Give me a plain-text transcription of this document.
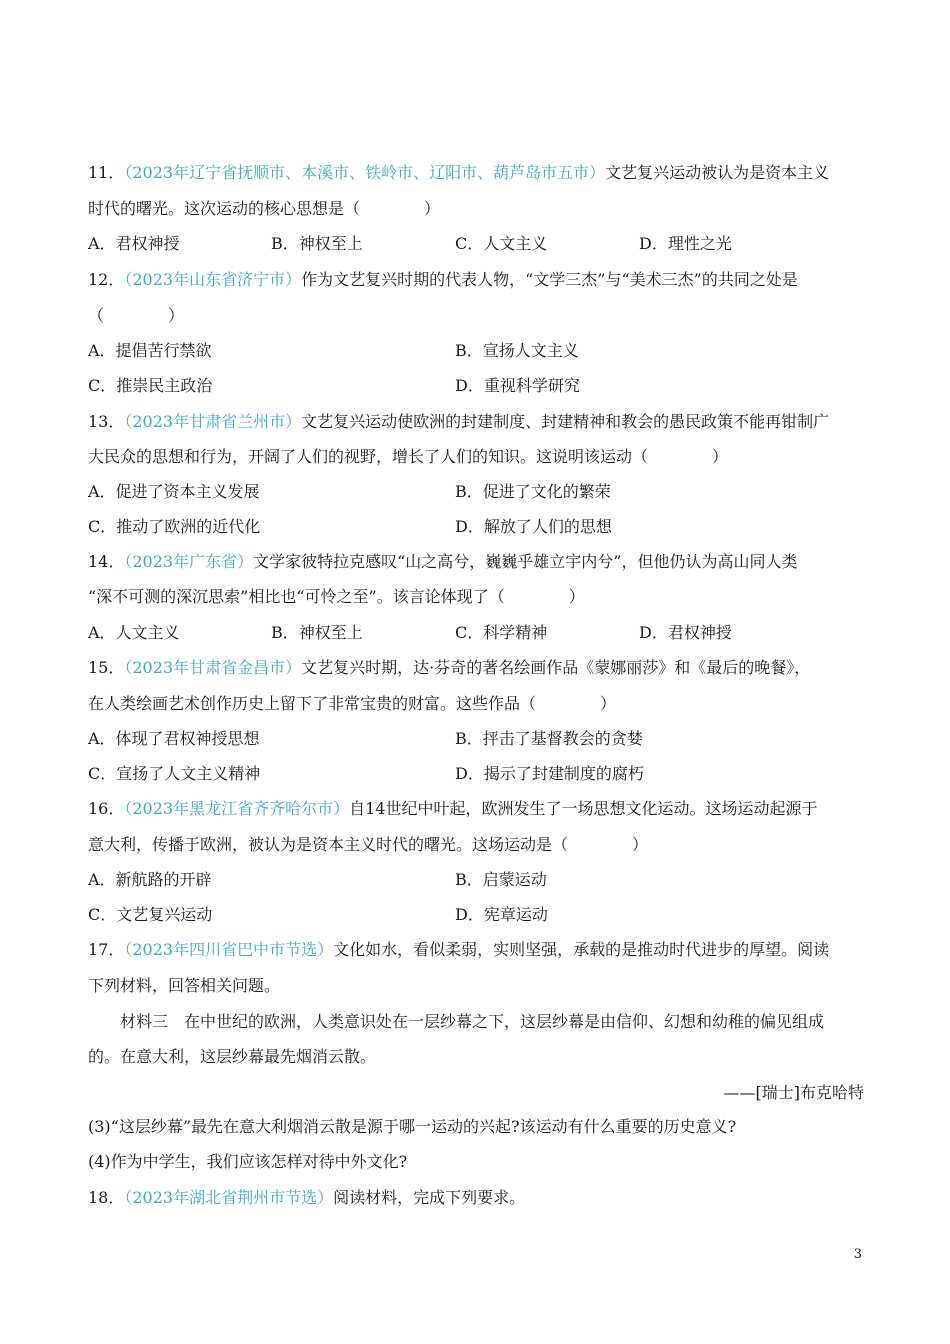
11．（2023年辽宁省抚顺市、本溪市、铁岭市、辽阳市、葫芦岛市五市）文艺复兴运动被认为是资本主义
时代的曙光。这次运动的核心思想是（　　　　）
A．君权神授	B．神权至上	C．人文主义	D．理性之光
12．（2023年山东省济宁市）作为文艺复兴时期的代表人物，“文学三杰”与“美术三杰”的共同之处是
（　　　　）
A．提倡苦行禁欲	B．宣扬人文主义
C．推崇民主政治	D．重视科学研究
13．（2023年甘肃省兰州市）文艺复兴运动使欧洲的封建制度、封建精神和教会的愚民政策不能再钳制广
大民众的思想和行为，开阔了人们的视野，增长了人们的知识。这说明该运动（　　　　）
A．促进了资本主义发展	B．促进了文化的繁荣
C．推动了欧洲的近代化	D．解放了人们的思想
14．（2023年广东省）文学家彼特拉克感叹“山之高兮，巍巍乎雄立宇内兮”，但他仍认为高山同人类
“深不可测的深沉思索”相比也“可怜之至”。该言论体现了（　　　　）
A．人文主义	B．神权至上	C．科学精神	D．君权神授
15．（2023年甘肃省金昌市）文艺复兴时期，达·芬奇的著名绘画作品《蒙娜丽莎》和《最后的晚餐》，
在人类绘画艺术创作历史上留下了非常宝贵的财富。这些作品（　　　　）
A．体现了君权神授思想	B．抨击了基督教会的贪婪
C．宣扬了人文主义精神	D．揭示了封建制度的腐朽
16．（2023年黑龙江省齐齐哈尔市）自14世纪中叶起，欧洲发生了一场思想文化运动。这场运动起源于
意大利，传播于欧洲，被认为是资本主义时代的曙光。这场运动是（　　　　）
A．新航路的开辟	B．启蒙运动
C．文艺复兴运动	D．宪章运动
17．（2023年四川省巴中市节选）文化如水，看似柔弱，实则坚强，承载的是推动时代进步的厚望。阅读
下列材料，回答相关问题。
材料三　在中世纪的欧洲，人类意识处在一层纱幕之下，这层纱幕是由信仰、幻想和幼稚的偏见组成
的。在意大利，这层纱幕最先烟消云散。
——[瑞士]布克哈特
(3)“这层纱幕”最先在意大利烟消云散是源于哪一运动的兴起?该运动有什么重要的历史意义?
(4)作为中学生，我们应该怎样对待中外文化?
18．（2023年湖北省荆州市节选）阅读材料，完成下列要求。
3
